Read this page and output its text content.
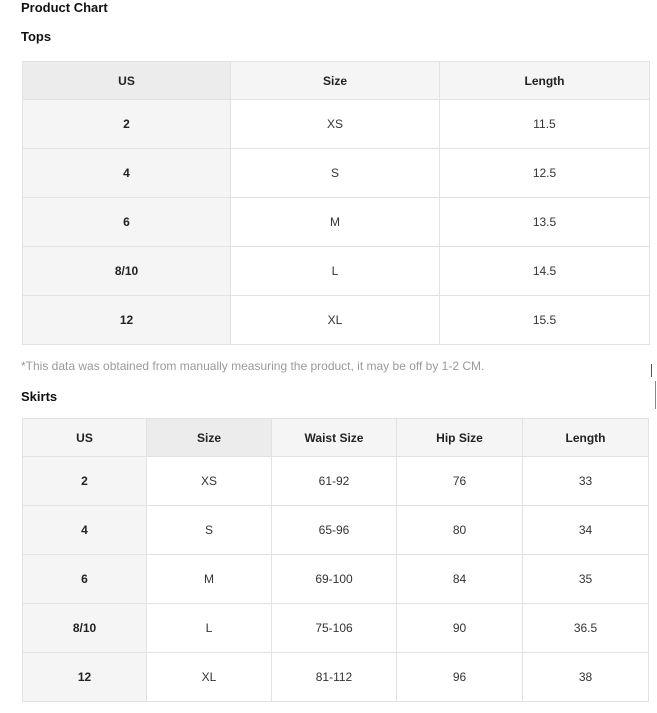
Product Chart
Tops
US	Size	Length
2	XS	11.5
4	S	12.5
6	M	13.5
8/10	L	14.5
12	XL	15.5
*This data was obtained from manually measuring the product, it may be off by 1-2 CM.
Skirts
US	Size	Waist Size	Hip Size	Length
2	XS	61-92	76	33
4	S	65-96	80	34
6	M	69-100	84	35
8/10	L	75-106	90	36.5
12	XL	81-112	96	38
